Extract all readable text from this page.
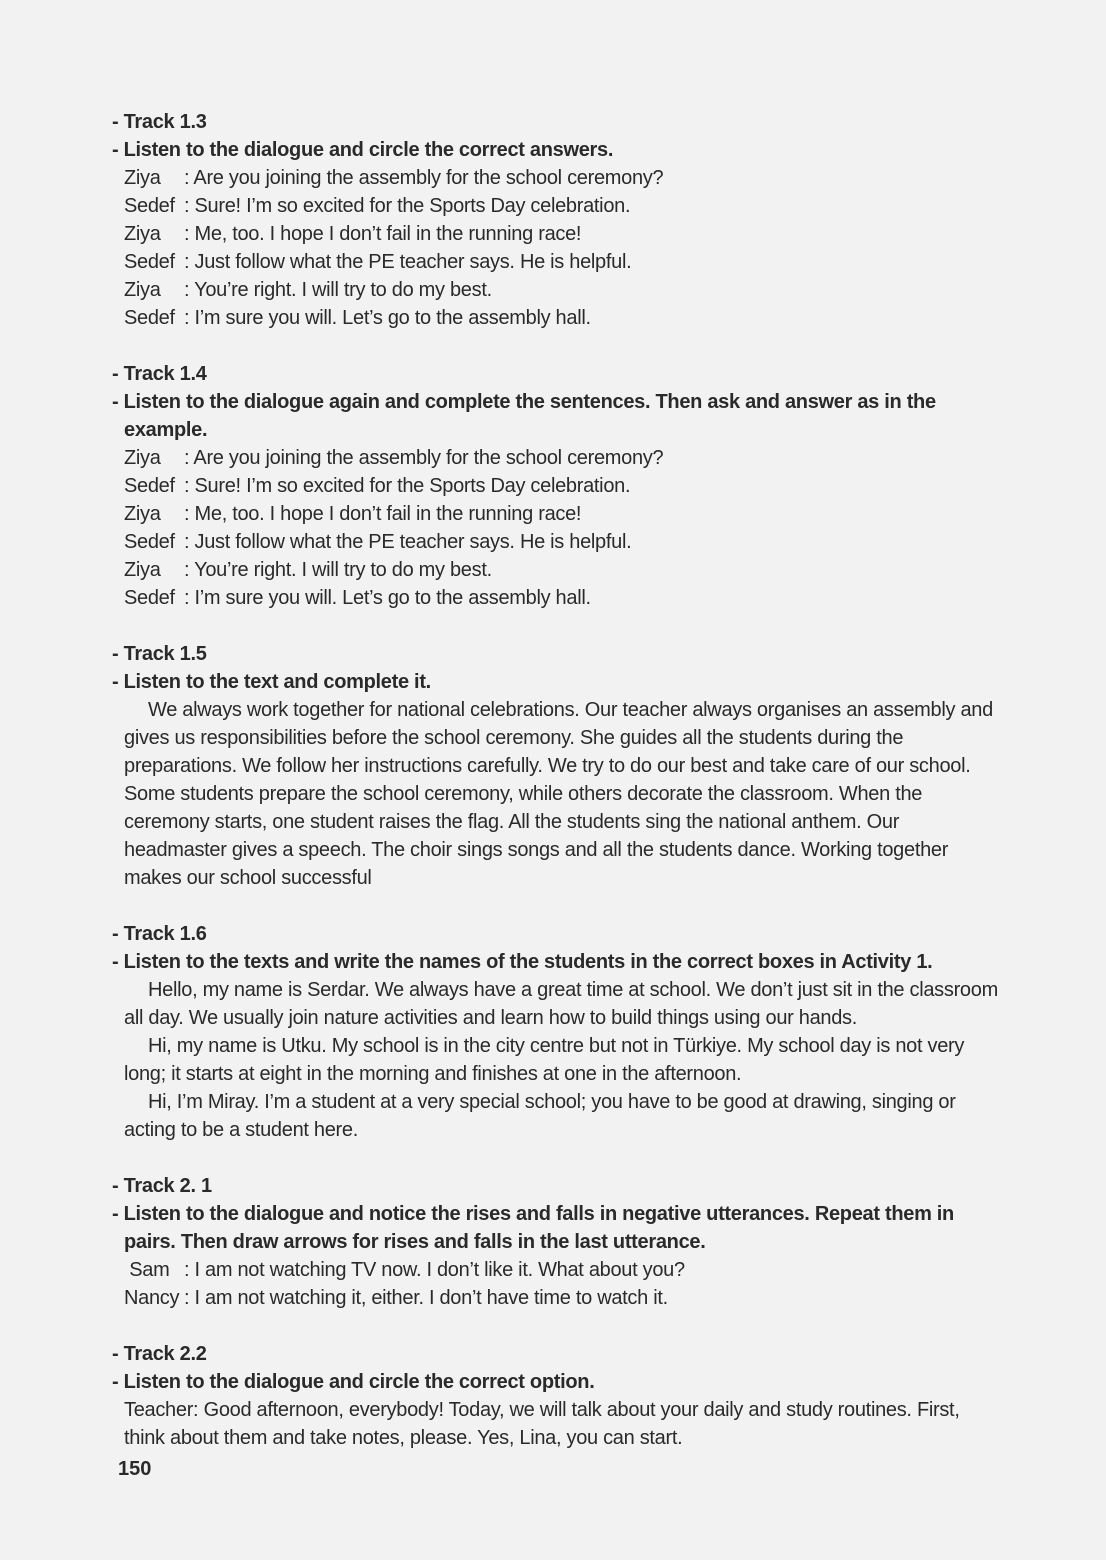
- Track 1.3
- Listen to the dialogue and circle the correct answers.
Ziya	: Are you joining the assembly for the school ceremony?
Sedef : Sure! I’m so excited for the Sports Day celebration.
Ziya	: Me, too. I hope I don’t fail in the running race!
Sedef : Just follow what the PE teacher says. He is helpful.
Ziya	: You’re right. I will try to do my best.
Sedef : I’m sure you will. Let’s go to the assembly hall.
- Track 1.4
- Listen to the dialogue again and complete the sentences. Then ask and answer as in the example.
Ziya	: Are you joining the assembly for the school ceremony?
Sedef : Sure! I’m so excited for the Sports Day celebration.
Ziya	: Me, too. I hope I don’t fail in the running race!
Sedef : Just follow what the PE teacher says. He is helpful.
Ziya	: You’re right. I will try to do my best.
Sedef : I’m sure you will. Let’s go to the assembly hall.
- Track 1.5
- Listen to the text and complete it.
We always work together for national celebrations. Our teacher always organises an assembly and gives us responsibilities before the school ceremony. She guides all the students during the preparations. We follow her instructions carefully. We try to do our best and take care of our school. Some students prepare the school ceremony, while others decorate the classroom. When the ceremony starts, one student raises the flag. All the students sing the national anthem. Our headmaster gives a speech. The choir sings songs and all the students dance. Working together makes our school successful
- Track 1.6
- Listen to the texts and write the names of the students in the correct boxes in Activity 1.
Hello, my name is Serdar. We always have a great time at school. We don’t just sit in the classroom all day. We usually join nature activities and learn how to build things using our hands.
Hi, my name is Utku. My school is in the city centre but not in Türkiye. My school day is not very long; it starts at eight in the morning and finishes at one in the afternoon.
Hi, I’m Miray. I’m a student at a very special school; you have to be good at drawing, singing or acting to be a student here.
- Track 2. 1
- Listen to the dialogue and notice the rises and falls in negative utterances. Repeat them in pairs. Then draw arrows for rises and falls in the last utterance.
Sam : I am not watching TV now. I don’t like it. What about you?
Nancy : I am not watching it, either. I don’t have time to watch it.
- Track 2.2
- Listen to the dialogue and circle the correct option.
Teacher: Good afternoon, everybody! Today, we will talk about your daily and study routines. First, think about them and take notes, please. Yes, Lina, you can start.
150
